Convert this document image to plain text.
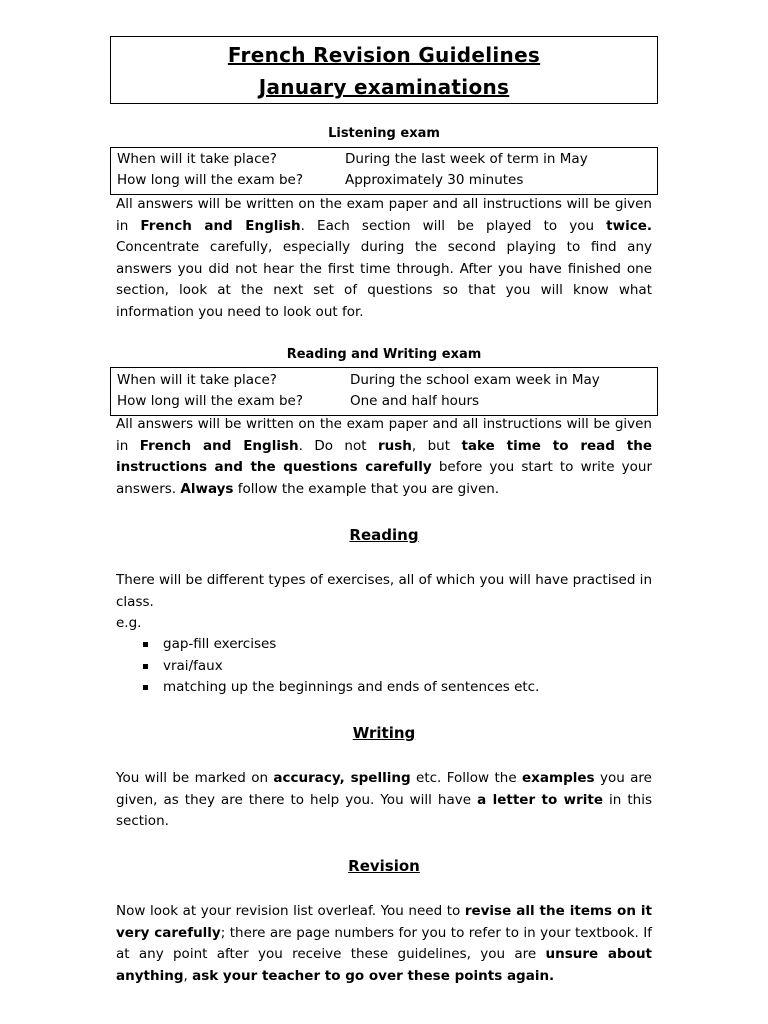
French Revision Guidelines
January examinations
Listening exam
When will it take place?	During the last week of term in May
How long will the exam be?	Approximately 30 minutes
All answers will be written on the exam paper and all instructions will be given in French and English. Each section will be played to you twice. Concentrate carefully, especially during the second playing to find any answers you did not hear the first time through. After you have finished one section, look at the next set of questions so that you will know what information you need to look out for.
Reading and Writing exam
When will it take place?	During the school exam week in May
How long will the exam be?	One and half hours
All answers will be written on the exam paper and all instructions will be given in French and English. Do not rush, but take time to read the instructions and the questions carefully before you start to write your answers. Always follow the example that you are given.
Reading
There will be different types of exercises, all of which you will have practised in class.
e.g.
gap-fill exercises
vrai/faux
matching up the beginnings and ends of sentences etc.
Writing
You will be marked on accuracy, spelling etc. Follow the examples you are given, as they are there to help you. You will have a letter to write in this section.
Revision
Now look at your revision list overleaf. You need to revise all the items on it very carefully; there are page numbers for you to refer to in your textbook. If at any point after you receive these guidelines, you are unsure about anything, ask your teacher to go over these points again.
